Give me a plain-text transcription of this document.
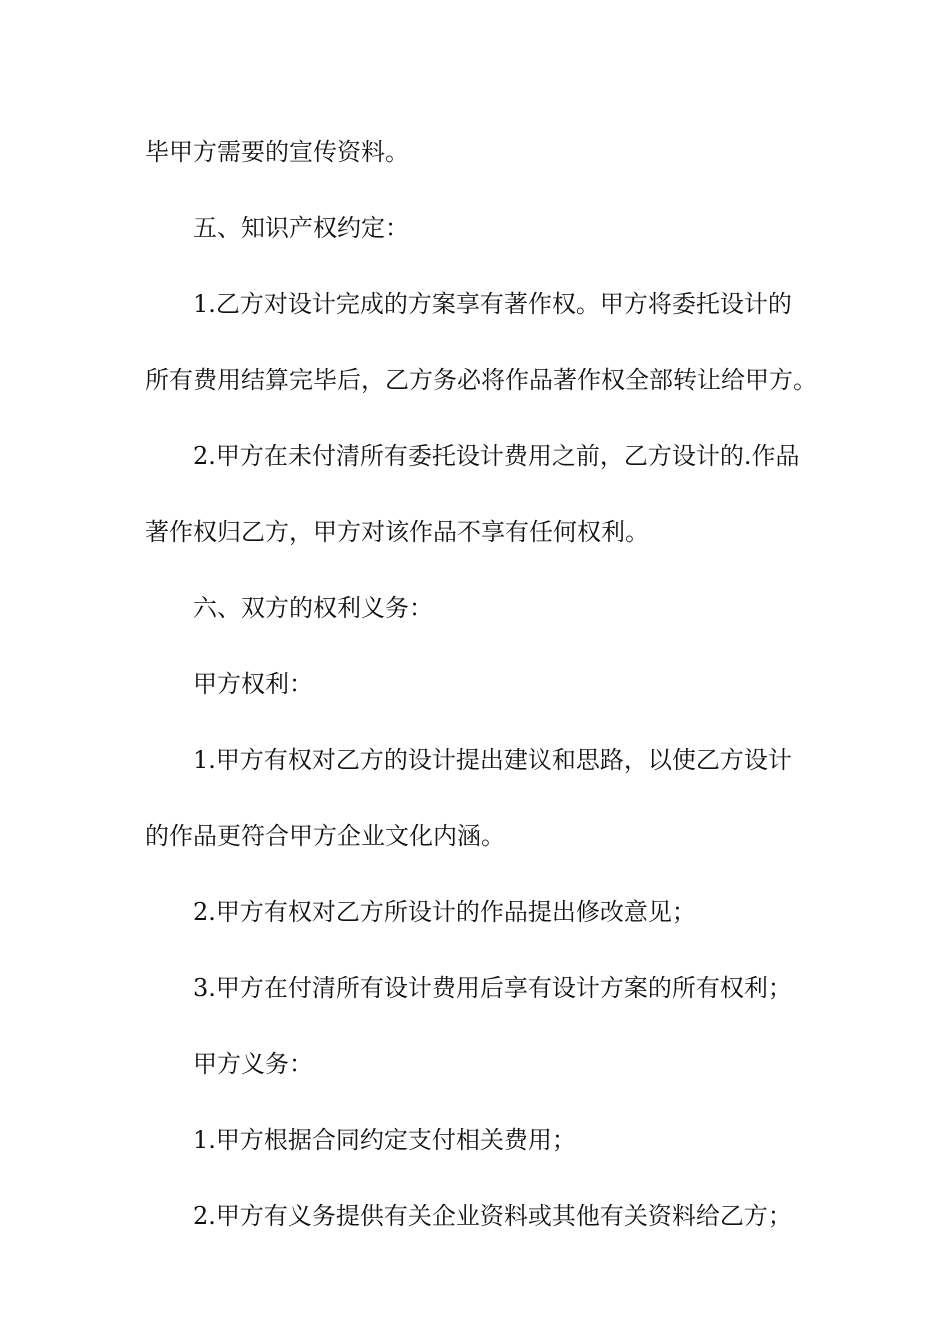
毕甲方需要的宣传资料。
五、知识产权约定：
1.乙方对设计完成的方案享有著作权。甲方将委托设计的
所有费用结算完毕后，乙方务必将作品著作权全部转让给甲方。
2.甲方在未付清所有委托设计费用之前，乙方设计的.作品
著作权归乙方，甲方对该作品不享有任何权利。
六、双方的权利义务：
甲方权利：
1.甲方有权对乙方的设计提出建议和思路，以使乙方设计
的作品更符合甲方企业文化内涵。
2.甲方有权对乙方所设计的作品提出修改意见；
3.甲方在付清所有设计费用后享有设计方案的所有权利；
甲方义务：
1.甲方根据合同约定支付相关费用；
2.甲方有义务提供有关企业资料或其他有关资料给乙方；
